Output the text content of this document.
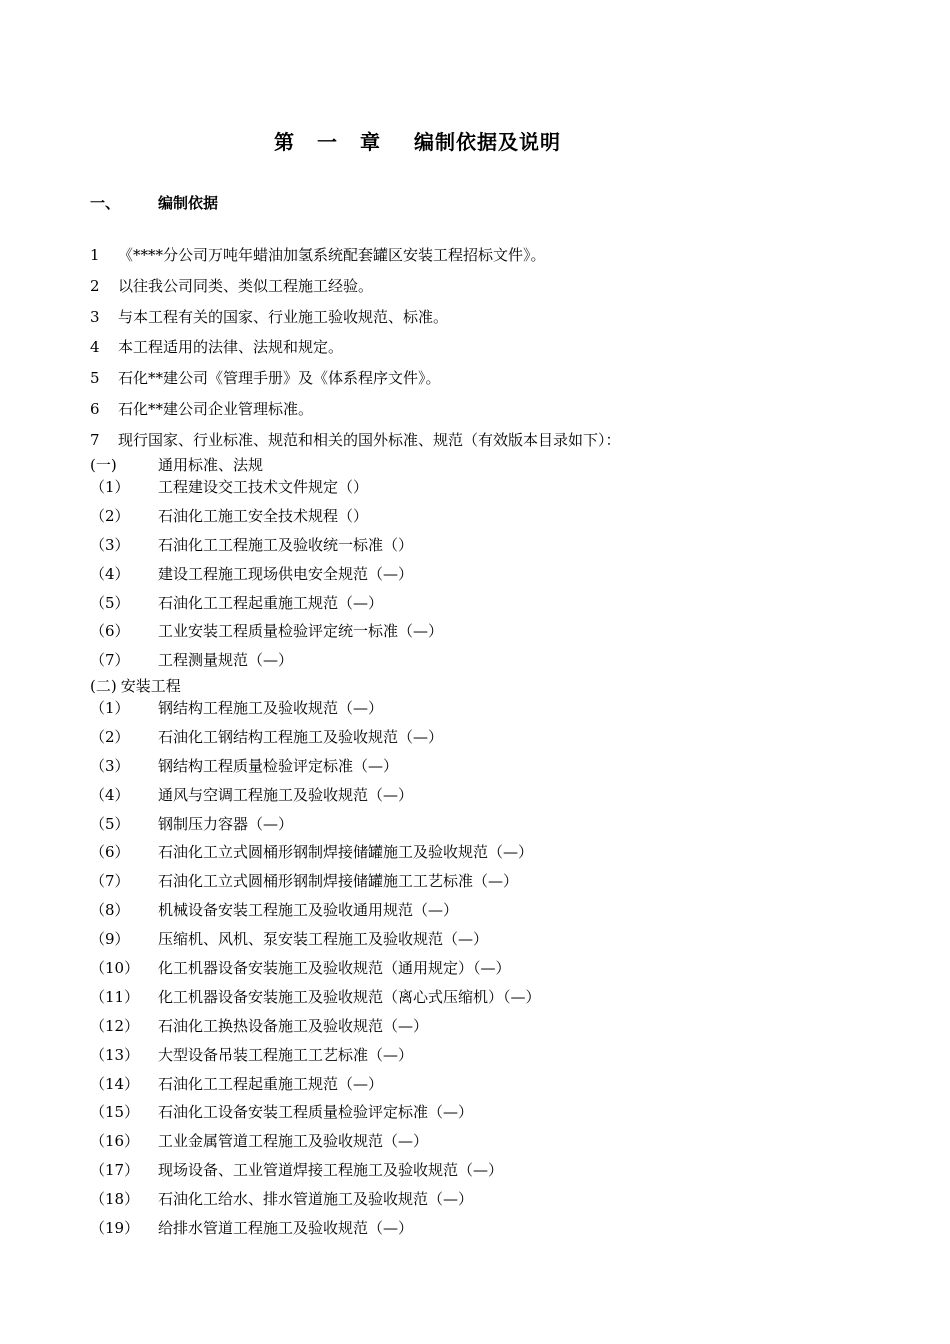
第 一 章 编制依据及说明
一、	编制依据
1 《****分公司万吨年蜡油加氢系统配套罐区安装工程招标文件》。
2 以往我公司同类、类似工程施工经验。
3 与本工程有关的国家、行业施工验收规范、标准。
4 本工程适用的法律、法规和规定。
5 石化**建公司《管理手册》及《体系程序文件》。
6 石化**建公司企业管理标准。
7 现行国家、行业标准、规范和相关的国外标准、规范（有效版本目录如下）：
(一)	通用标准、法规
（1） 工程建设交工技术文件规定（）
（2） 石油化工施工安全技术规程（）
（3） 石油化工工程施工及验收统一标准（）
（4） 建设工程施工现场供电安全规范（—）
（5） 石油化工工程起重施工规范（—）
（6） 工业安装工程质量检验评定统一标准（—）
（7） 工程测量规范（—）
(二) 安装工程
（1） 钢结构工程施工及验收规范（—）
（2） 石油化工钢结构工程施工及验收规范（—）
（3） 钢结构工程质量检验评定标准（—）
（4） 通风与空调工程施工及验收规范（—）
（5） 钢制压力容器（—）
（6） 石油化工立式圆桶形钢制焊接储罐施工及验收规范（—）
（7） 石油化工立式圆桶形钢制焊接储罐施工工艺标准（—）
（8） 机械设备安装工程施工及验收通用规范（—）
（9） 压缩机、风机、泵安装工程施工及验收规范（—）
（10） 化工机器设备安装施工及验收规范（通用规定）（—）
（11） 化工机器设备安装施工及验收规范（离心式压缩机）（—）
（12） 石油化工换热设备施工及验收规范（—）
（13） 大型设备吊装工程施工工艺标准（—）
（14） 石油化工工程起重施工规范（—）
（15） 石油化工设备安装工程质量检验评定标准（—）
（16） 工业金属管道工程施工及验收规范（—）
（17） 现场设备、工业管道焊接工程施工及验收规范（—）
（18） 石油化工给水、排水管道施工及验收规范（—）
（19） 给排水管道工程施工及验收规范（—）
